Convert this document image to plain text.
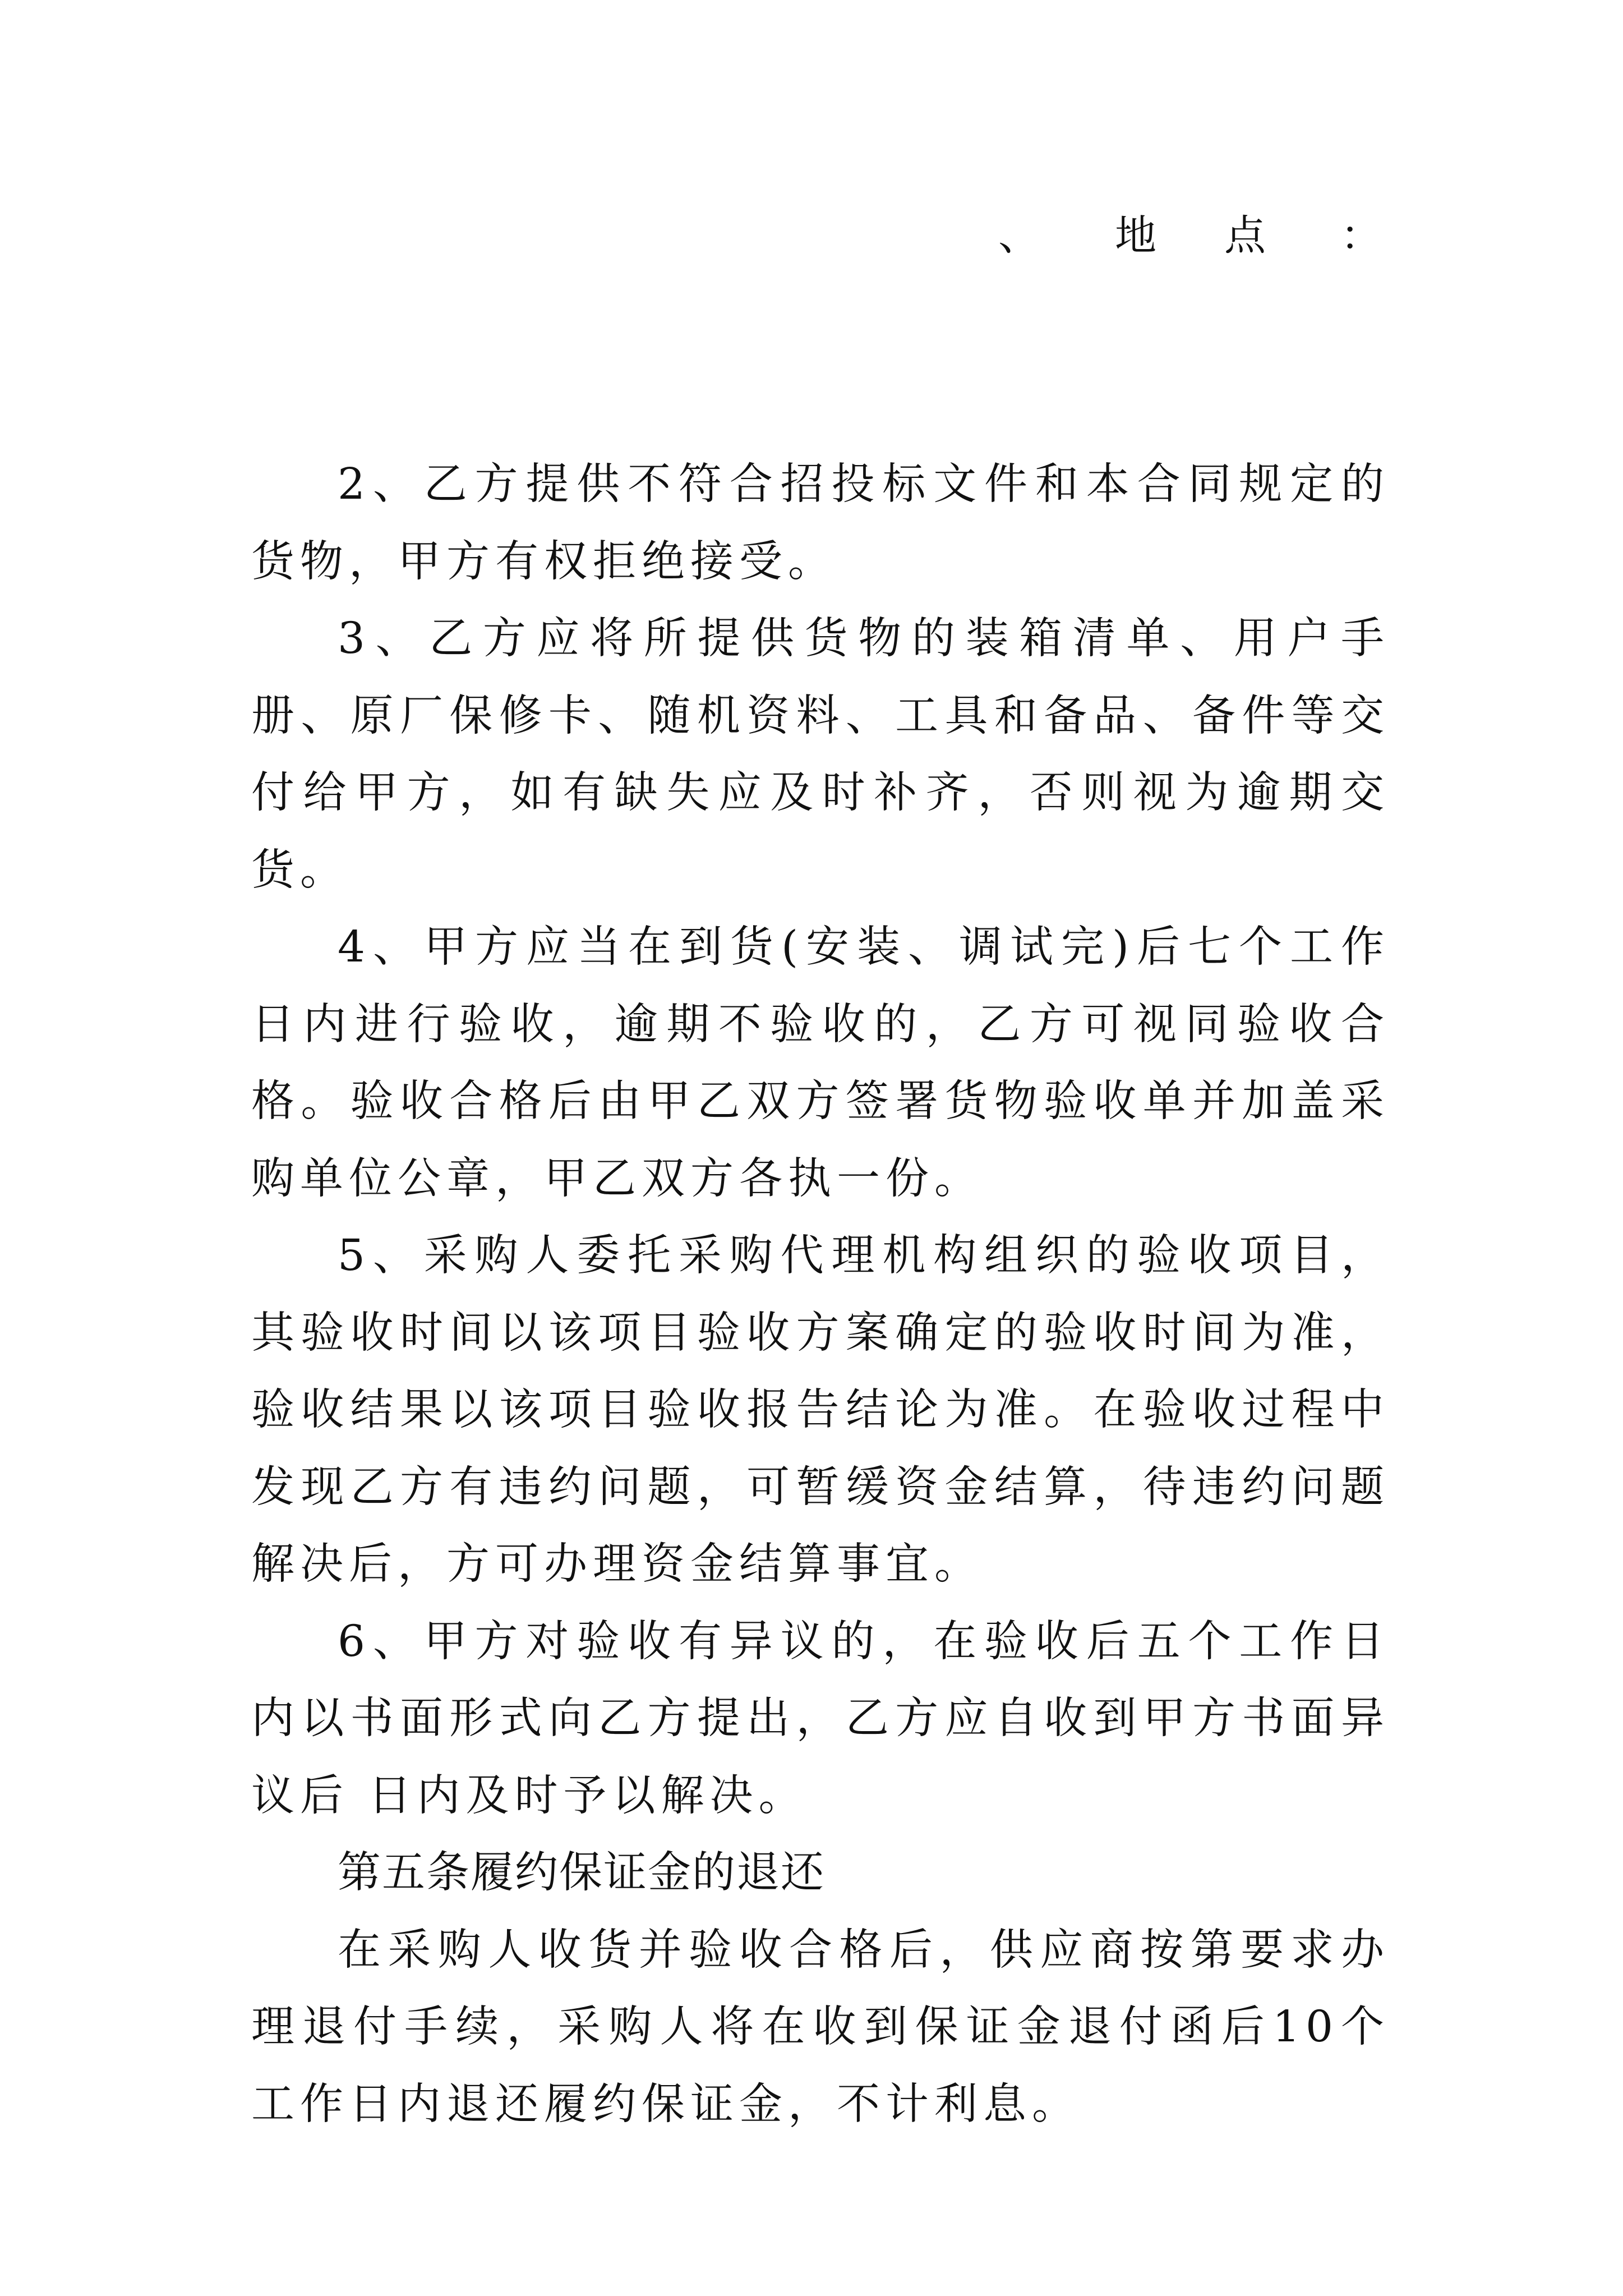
、 地 点 ：

2、乙方提供不符合招投标文件和本合同规定的货物，甲方有权拒绝接受。

3、乙方应将所提供货物的装箱清单、用户手册、原厂保修卡、随机资料、工具和备品、备件等交付给甲方，如有缺失应及时补齐，否则视为逾期交货。

4、甲方应当在到货(安装、调试完)后七个工作日内进行验收，逾期不验收的，乙方可视同验收合格。验收合格后由甲乙双方签署货物验收单并加盖采购单位公章，甲乙双方各执一份。

5、采购人委托采购代理机构组织的验收项目，其验收时间以该项目验收方案确定的验收时间为准，验收结果以该项目验收报告结论为准。在验收过程中发现乙方有违约问题，可暂缓资金结算，待违约问题解决后，方可办理资金结算事宜。

6、甲方对验收有异议的，在验收后五个工作日内以书面形式向乙方提出，乙方应自收到甲方书面异议后 日内及时予以解决。

第五条履约保证金的退还

在采购人收货并验收合格后，供应商按第要求办理退付手续，采购人将在收到保证金退付函后10个工作日内退还履约保证金，不计利息。
